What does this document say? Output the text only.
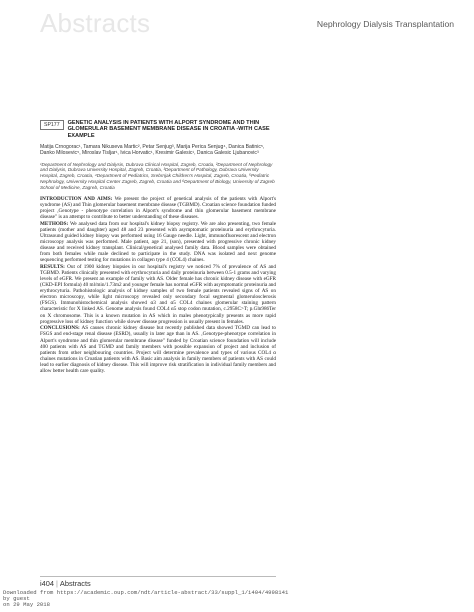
Abstracts	Nephrology Dialysis Transplantation
SP177	GENETIC ANALYSIS IN PATIENTS WITH ALPORT SYNDROME AND THIN GLOMERULAR BASEMENT MEMBRANE DISEASE IN CROATIA -WITH CASE EXAMPLE

Matija Crnogorac¹, Tamara Nikuseva Martic², Petar Senjug³, Marija Perica Senjug⁴, Danica Batinic⁵, Danko Milosevic⁵, Miroslav Tisljar¹, Ivica Horvatic¹, Kresimir Galesic¹, Danica Galesic Ljubanovic³

¹Department of Nephrology and Dialysis, Dubrava Clinical Hospital, Zagreb, Croatia, ²Department of Nephrology and Dialysis, Dubrava University Hospital, Zagreb, Croatia, ³Department of Pathology, Dubrava University Hospital, Zagreb, Croatia, ⁴Department of Pediatrics, Srebrnjak Children's Hospital, Zagreb, Croatia, ⁵Pediatric Nephrology, University Hospital Center Zagreb, Zagreb, Croatia and ⁶Department of Biology, University of Zagreb School of Medicine, Zagreb, Croatia

INTRODUCTION AND AIMS: We present the project of genetical analysis of the patients with Alport's syndrome (AS) and Thin glomerular basement membrane disease (TGBMD). Croatian science foundation funded project ,Genotype - phenotype correlation in Alport's syndrome and thin glomerular basement membrane disease" is an attempt to contribute to better understanding of these diseases.

METHODS: We analysed data from our hospital's kidney biopsy registry. We are also presenting, two female patients (mother and daughter) aged 48 and 23 presented with asymptomatic proteinuria and erythrocyturia. Ultrasound guided kidney biopsy was performed using 16 Gauge needle. Light, immunofluorescent and electron microscopy analysis was performed. Male patient, age 21, (son), presented with progressive chronic kidney disease and received kidney transplant. Clinical/genetical analysed family data. Blood samples were obtained from both females while male declined to participate in the study. DNA was isolated and next genome sequencing performed testing for mutations in collagen type 4 (COL4) chaines.

RESULTS: Out of 1900 kidney biopsies in our hospital's registry we noticed 7% of prevalence of AS and TGBMD. Patients clinically presented with erythrocyturia and daily proteinuria between 0.5-1 grams and varying levels of eGFR. We present an example of family with AS. Older female has chronic kidney disease with eGFR (CKD-EPI formula) 40 ml/min/1.73m2 and younger female has normal eGFR with asymptomatic proteinuria and erythrocyturia. Pathohistologic analysis of kidney samples of two female patients revealed signs of AS on electron microscopy, while light microscopy revealed only secondary focal segmental glomerulosclerosis (FSGS). Immunohistochemical analysis showed α3 and α5 COL4 chaines glomerular staining pattern characteristic for X linked AS. Genome analysis found COL4 α5 stop codon mutation, c.2958C>T; p.Gln986Ter on X chromosome. This is a known mutation in AS which in males phenotypically presents as more rapid progressive loss of kidney function while slower disease progression is usually present in females.

CONCLUSIONS: AS causes chronic kidney disease but recently published data showed TGMD can lead to FSGS and end-stage renal disease (ESRD), usually in later age than in AS. ,Genotype-phenotype correlation in Alport's syndrome and thin glomerular membrane disease" funded by Croatian science foundation will include 400 patients with AS and TGMD and family members with possible expansion of project and inclusion of patients from other neighbouring countries. Project will determine prevalence and types of various COL4 α chaines mutations in Croatian patients with AS. Basic aim analysis in family members of patients with AS could lead to earlier diagnosis of kidney disease. This will improve risk stratification in individual family members and allow better health care quality.

i404 | Abstracts
Downloaded from https://academic.oup.com/ndt/article-abstract/33/suppl_1/i404/4998141
by guest
on 29 May 2018
